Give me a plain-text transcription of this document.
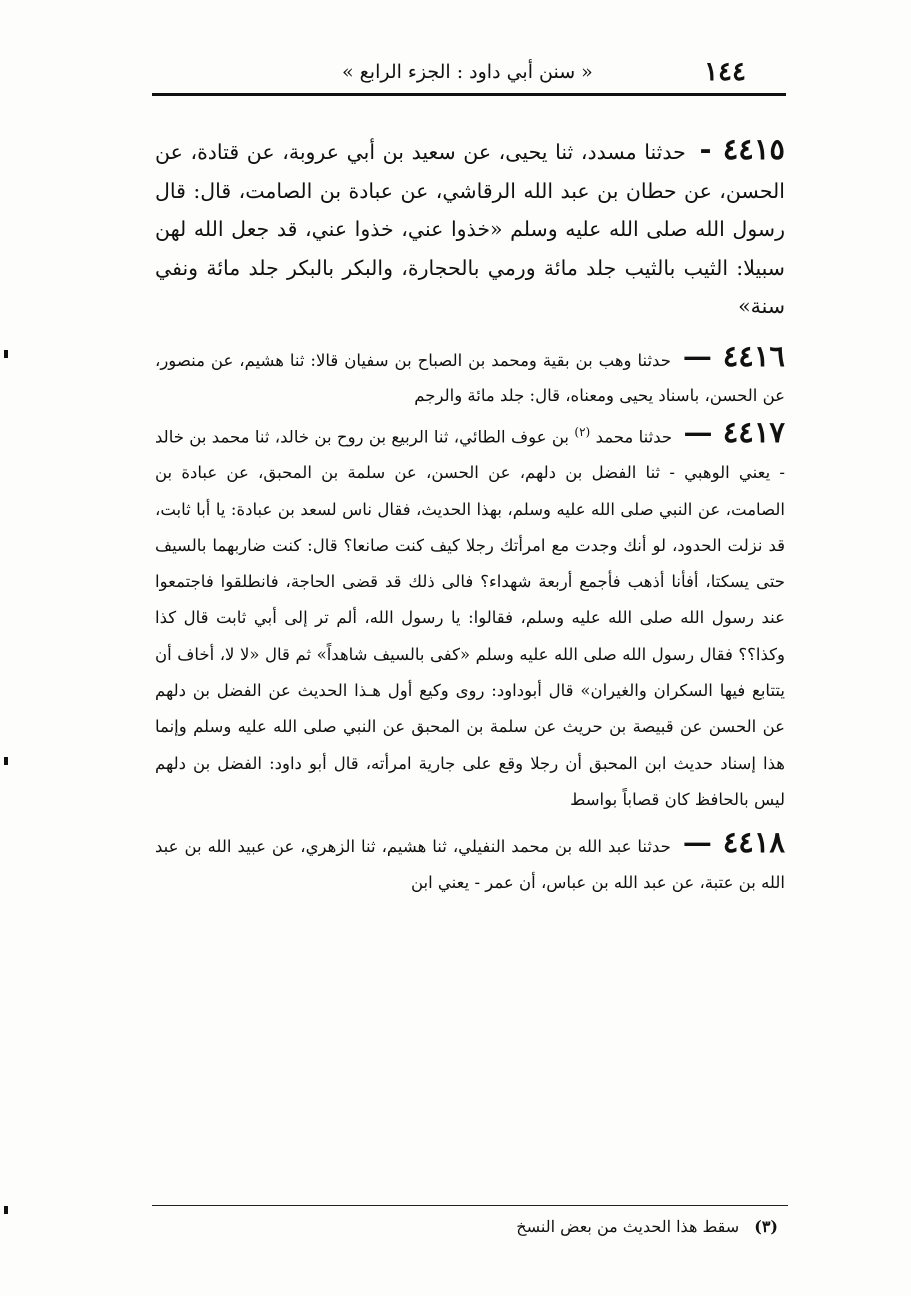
١٤٤
« سنن أبي داود : الجزء الرابع »

٤٤١٥ - حدثنا مسدد، ثنا يحيى، عن سعيد بن أبي عروبة، عن قتادة، عن الحسن، عن حطان بن عبد الله الرقاشي، عن عبادة بن الصامت، قال: قال رسول الله صلى الله عليه وسلم «خذوا عني، خذوا عني، قد جعل الله لهن سبيلا: الثيب بالثيب جلد مائة ورمي بالحجارة، والبكر بالبكر جلد مائة ونفي سنة»

٤٤١٦ — حدثنا وهب بن بقية ومحمد بن الصباح بن سفيان قالا: ثنا هشيم، عن منصور، عن الحسن، باسناد يحيى ومعناه، قال: جلد مائة والرجم

٤٤١٧ — حدثنا محمد $^{(٢)}$ بن عوف الطائي، ثنا الربيع بن روح بن خالد، ثنا محمد بن خالد - يعني الوهبي - ثنا الفضل بن دلهم، عن الحسن، عن سلمة بن المحبق، عن عبادة بن الصامت، عن النبي صلى الله عليه وسلم، بهذا الحديث، فقال ناس لسعد بن عبادة: يا أبا ثابت، قد نزلت الحدود، لو أنك وجدت مع امرأتك رجلا كيف كنت صانعا؟ قال: كنت ضاربهما بالسيف حتى يسكتا، أفأنا أذهب فأجمع أربعة شهداء؟ فالى ذلك قد قضى الحاجة، فانطلقوا فاجتمعوا عند رسول الله صلى الله عليه وسلم، فقالوا: يا رسول الله، ألم تر إلى أبي ثابت قال كذا وكذا؟؟ فقال رسول الله صلى الله عليه وسلم «كفى بالسيف شاهداً» ثم قال «لا لا، أخاف أن يتتابع فيها السكران والغيران» قال أبوداود: روى وكيع أول هـذا الحديث عن الفضل بن دلهم عن الحسن عن قبيصة بن حريث عن سلمة بن المحبق عن النبي صلى الله عليه وسلم وإنما هذا إسناد حديث ابن المحبق أن رجلا وقع على جارية امرأته، قال أبو داود: الفضل بن دلهم ليس بالحافظ كان قصاباً بواسط

٤٤١٨ — حدثنا عبد الله بن محمد النفيلي، ثنا هشيم، ثنا الزهري، عن عبيد الله بن عبد الله بن عتبة، عن عبد الله بن عباس، أن عمر - يعني ابن

(٣) سقط هذا الحديث من بعض النسخ
